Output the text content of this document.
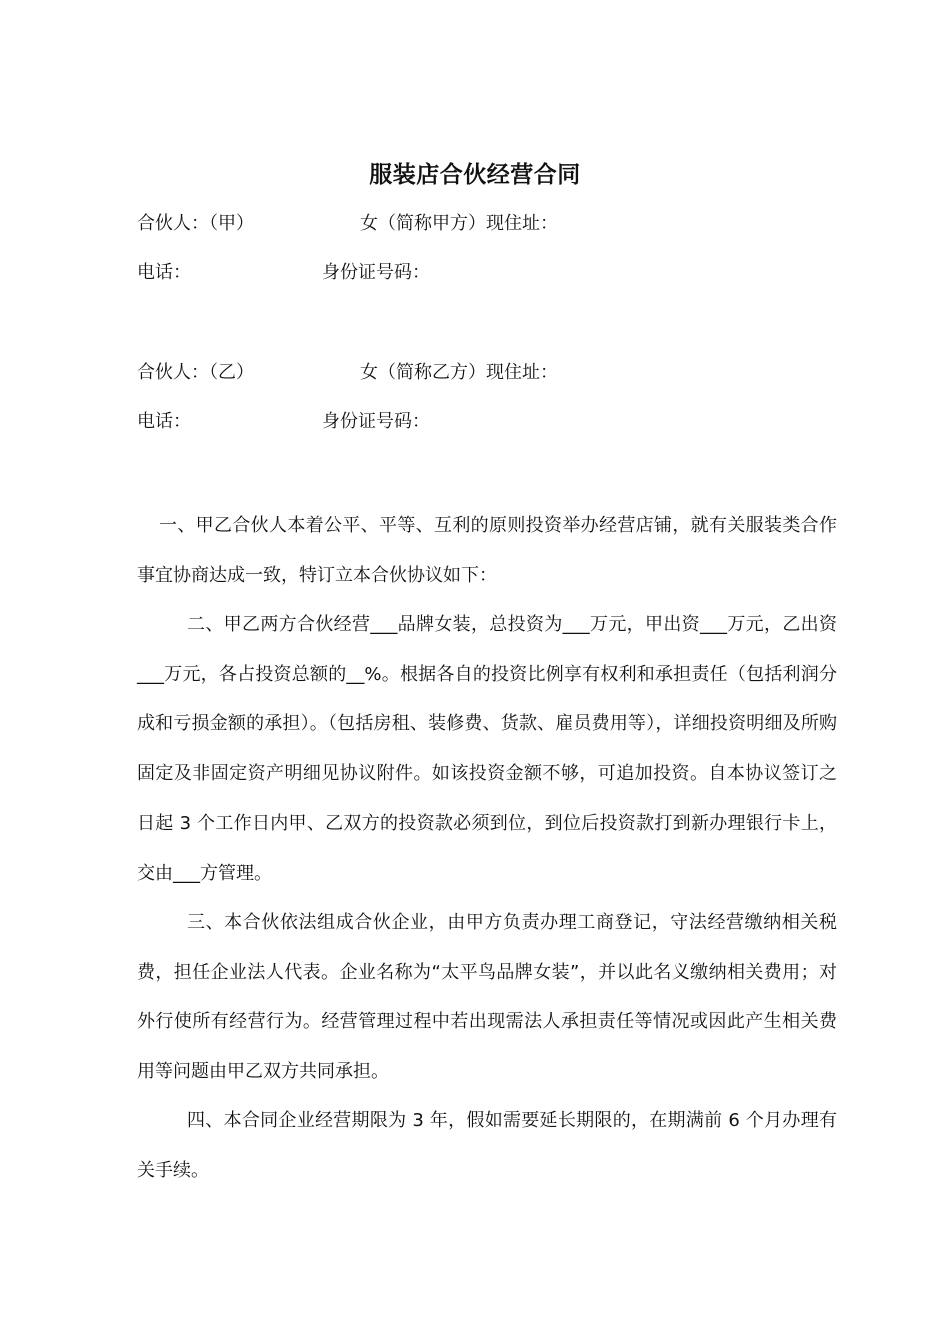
服装店合伙经营合同
合伙人：（甲）	女（简称甲方）现住址：
电话：	身份证号码：
合伙人：（乙）	女（简称乙方）现住址：
电话：	身份证号码：
一、甲乙合伙人本着公平、平等、互利的原则投资举办经营店铺，就有关服装类合作事宜协商达成一致，特订立本合伙协议如下：
二、甲乙两方合伙经营___品牌女装，总投资为___万元，甲出资___万元，乙出资___万元，各占投资总额的__%。根据各自的投资比例享有权利和承担责任（包括利润分成和亏损金额的承担）。（包括房租、装修费、货款、雇员费用等），详细投资明细及所购固定及非固定资产明细见协议附件。如该投资金额不够，可追加投资。自本协议签订之日起 3 个工作日内甲、乙双方的投资款必须到位，到位后投资款打到新办理银行卡上，交由___方管理。
三、本合伙依法组成合伙企业，由甲方负责办理工商登记，守法经营缴纳相关税费，担任企业法人代表。企业名称为“太平鸟品牌女装”，并以此名义缴纳相关费用；对外行使所有经营行为。经营管理过程中若出现需法人承担责任等情况或因此产生相关费用等问题由甲乙双方共同承担。
四、本合同企业经营期限为 3 年，假如需要延长期限的，在期满前 6 个月办理有关手续。
